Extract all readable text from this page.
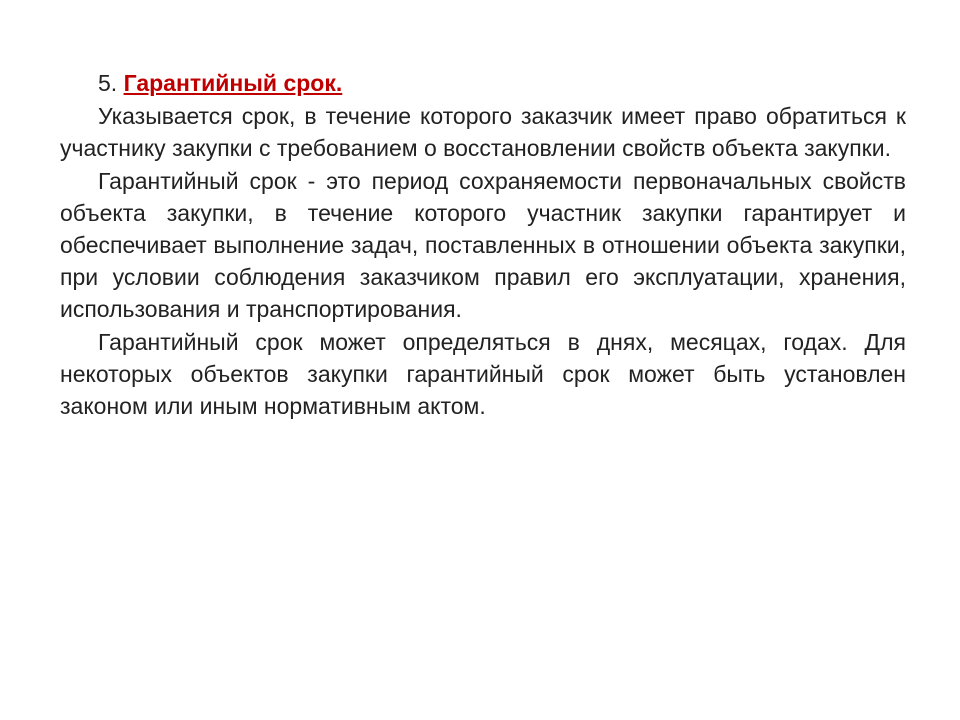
5. Гарантийный срок.

Указывается срок, в течение которого заказчик имеет право обратиться к участнику закупки с требованием о восстановлении свойств объекта закупки.

Гарантийный срок - это период сохраняемости первоначальных свойств объекта закупки, в течение которого участник закупки гарантирует и обеспечивает выполнение задач, поставленных в отношении объекта закупки, при условии соблюдения заказчиком правил его эксплуатации, хранения, использования и транспортирования.

Гарантийный срок может определяться в днях, месяцах, годах. Для некоторых объектов закупки гарантийный срок может быть установлен законом или иным нормативным актом.
